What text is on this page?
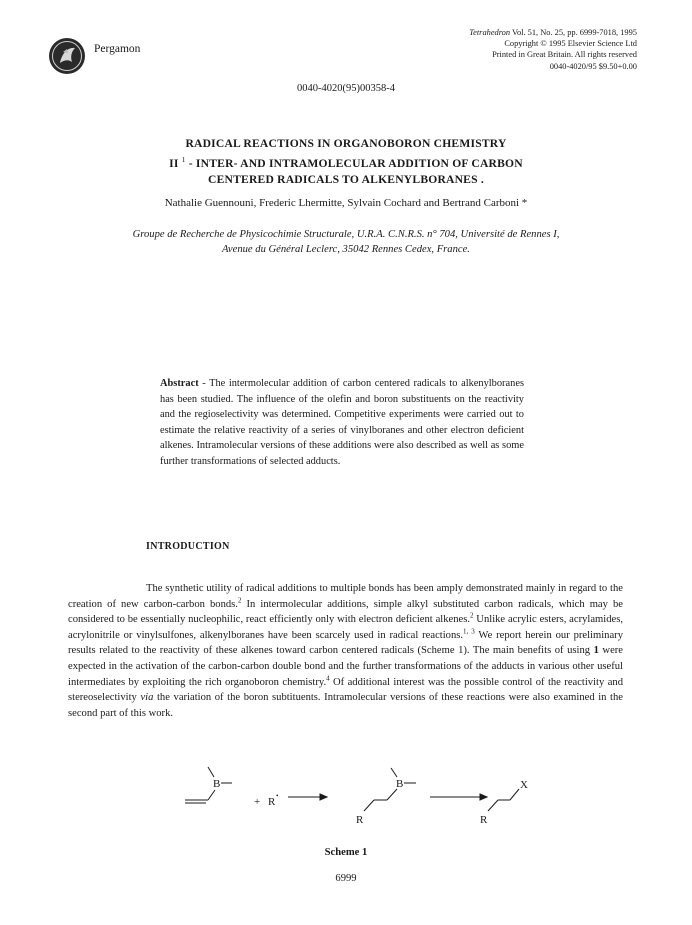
Pergamon
Tetrahedron Vol. 51, No. 25, pp. 6999-7018, 1995
Copyright © 1995 Elsevier Science Ltd
Printed in Great Britain. All rights reserved
0040-4020/95 $9.50+0.00
0040-4020(95)00358-4
RADICAL REACTIONS IN ORGANOBORON CHEMISTRY
II $^1$ - INTER- AND INTRAMOLECULAR ADDITION OF CARBON
CENTERED RADICALS TO ALKENYLBORANES .
Nathalie Guennouni, Frederic Lhermitte, Sylvain Cochard and Bertrand Carboni *
Groupe de Recherche de Physicochimie Structurale, U.R.A. C.N.R.S. n° 704, Université de Rennes I,
Avenue du Général Leclerc, 35042 Rennes Cedex, France.
Abstract - The intermolecular addition of carbon centered radicals to alkenylboranes has been studied. The influence of the olefin and boron substituents on the reactivity and the regioselectivity was determined. Competitive experiments were carried out to estimate the relative reactivity of a series of vinylboranes and other electron deficient alkenes. Intramolecular versions of these additions were also described as well as some further transformations of selected adducts.
INTRODUCTION

The synthetic utility of radical additions to multiple bonds has been amply demonstrated mainly in regard to the creation of new carbon-carbon bonds.$^2$ In intermolecular additions, simple alkyl substituted carbon radicals, which may be considered to be essentially nucleophilic, react efficiently only with electron deficient alkenes.$^2$ Unlike acrylic esters, acrylamides, acrylonitrile or vinylsulfones, alkenylboranes have been scarcely used in radical reactions.$^{1, 3}$ We report herein our preliminary results related to the reactivity of these alkenes toward carbon centered radicals (Scheme 1). The main benefits of using 1 were expected in the activation of the carbon-carbon double bond and the further transformations of the adducts in various other useful intermediates by exploiting the rich organoboron chemistry.$^4$ Of additional interest was the possible control of the reactivity and stereoselectivity via the variation of the boron subtituents. Intramolecular versions of these reactions were also examined in the second part of this work.

B
+ R •
B
R
X
R
Scheme 1
6999
